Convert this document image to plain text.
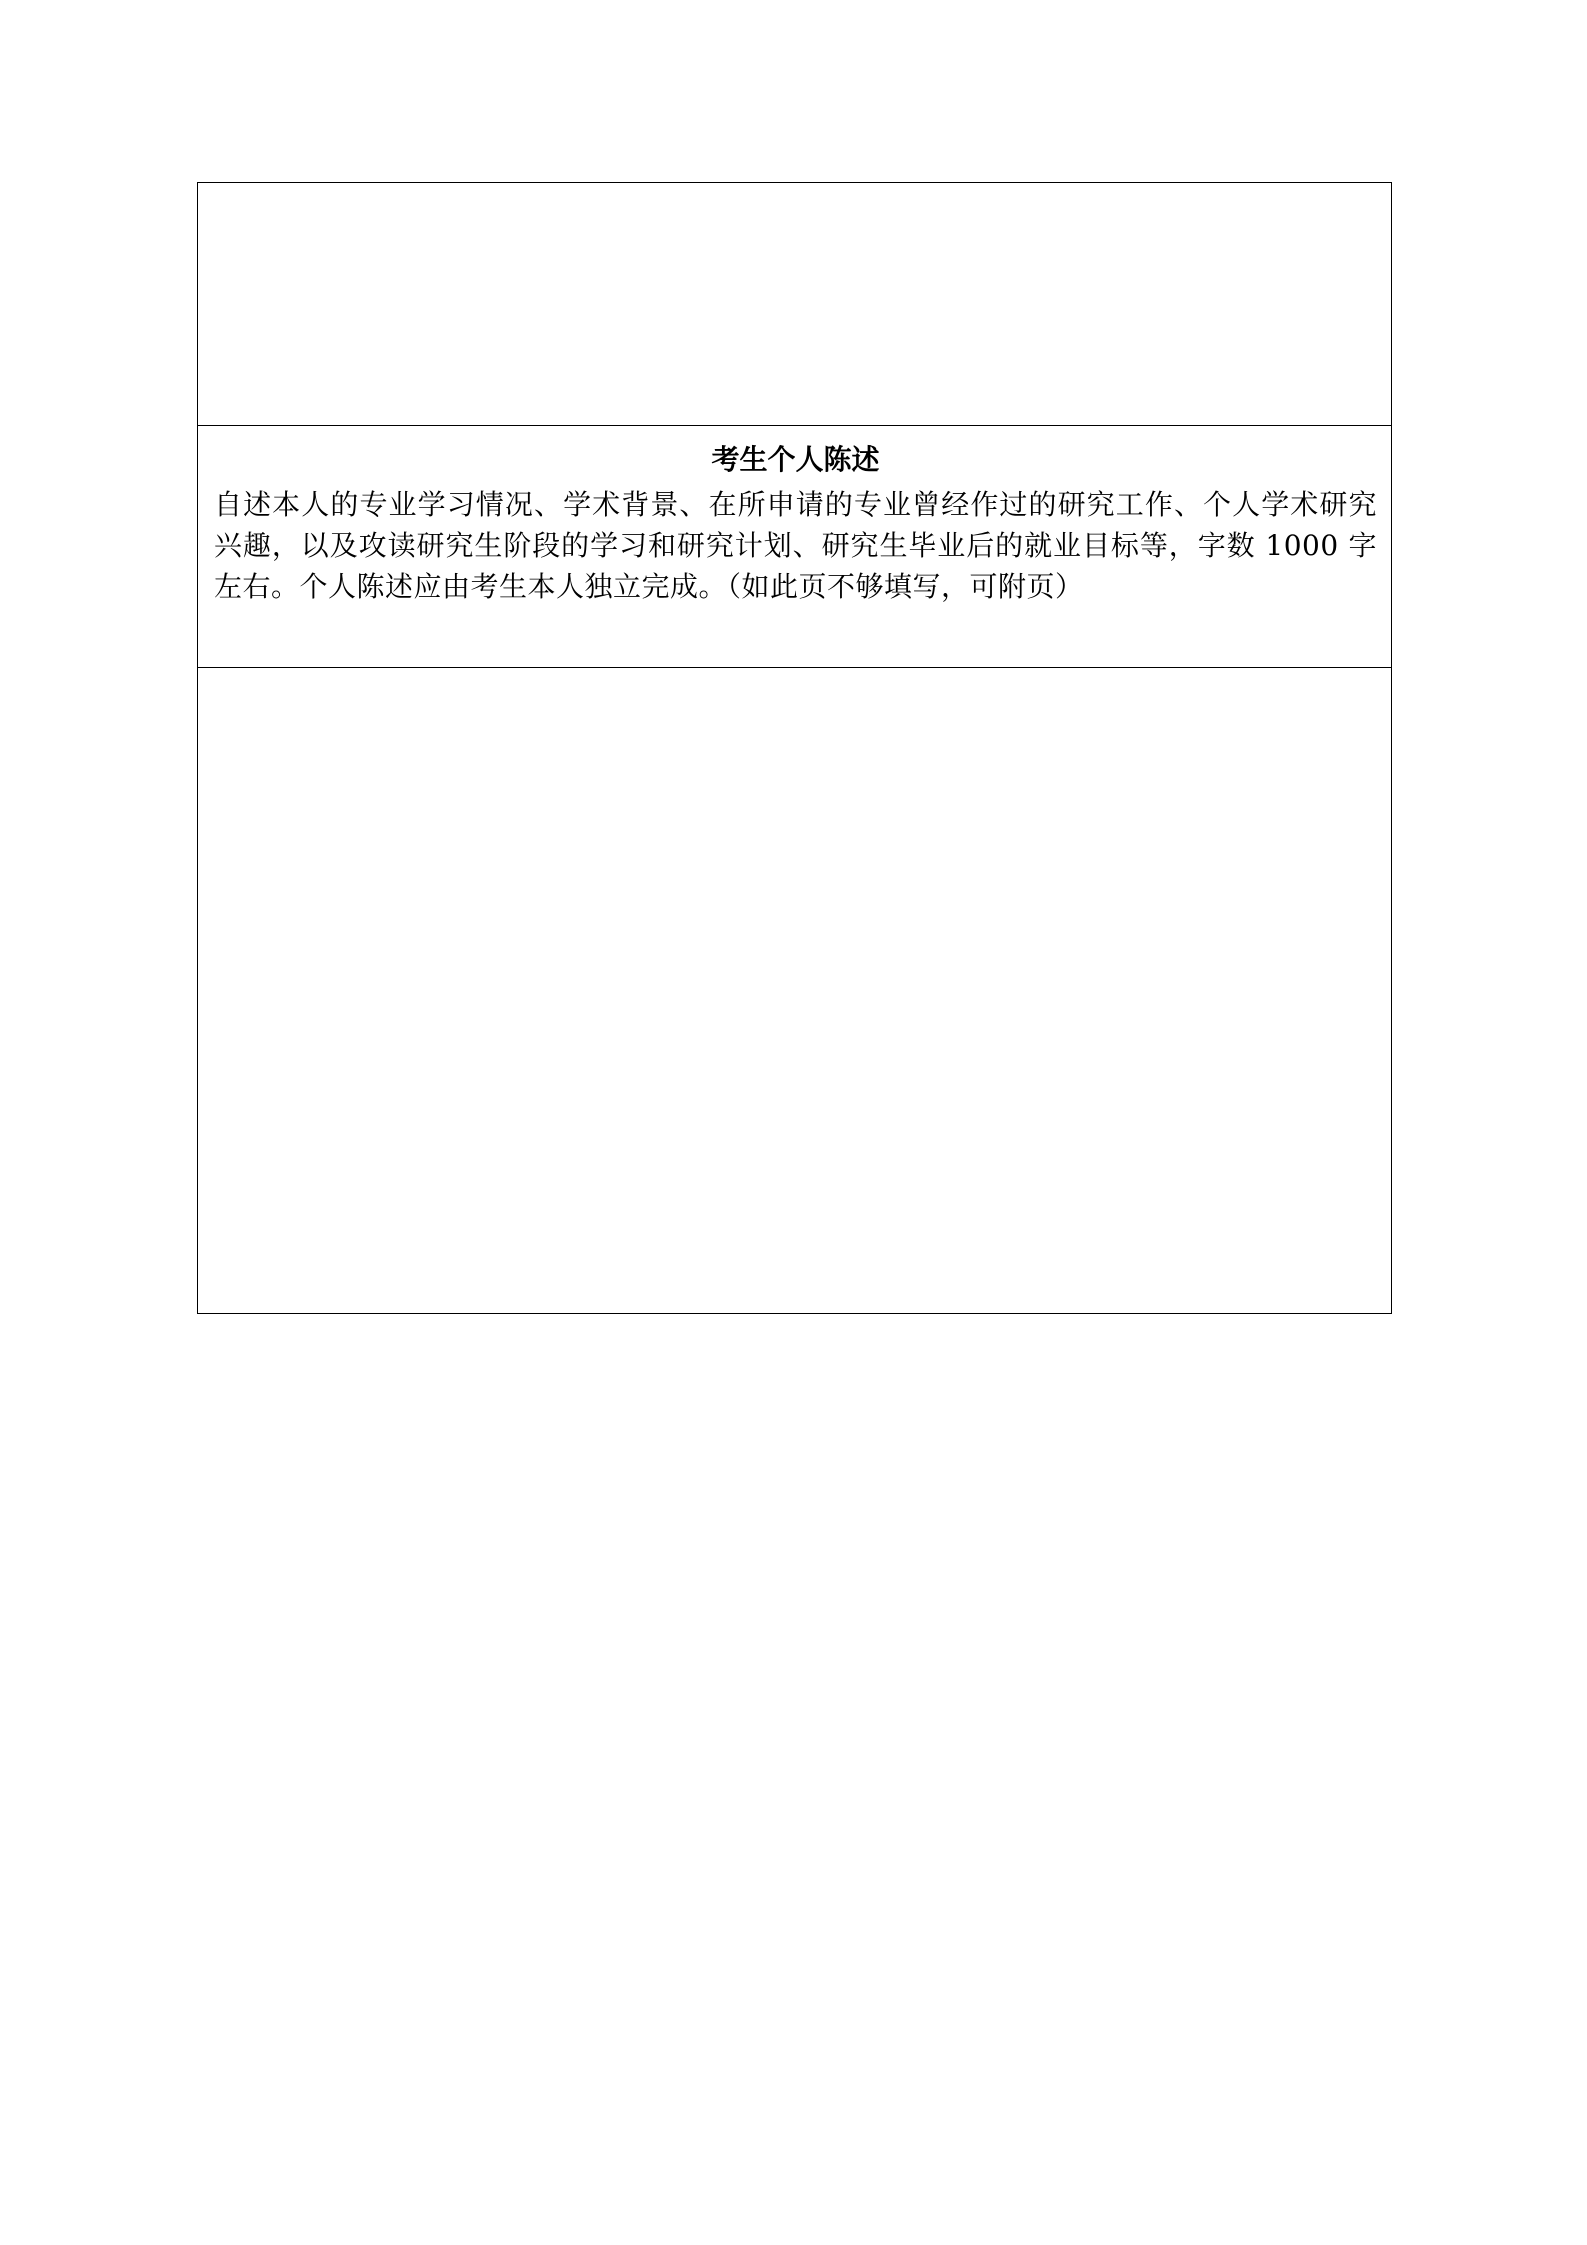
考生个人陈述
自述本人的专业学习情况、学术背景、在所申请的专业曾经作过的研究工作、个人学术研究兴趣，以及攻读研究生阶段的学习和研究计划、研究生毕业后的就业目标等，字数 1000 字左右。个人陈述应由考生本人独立完成。（如此页不够填写，可附页）
